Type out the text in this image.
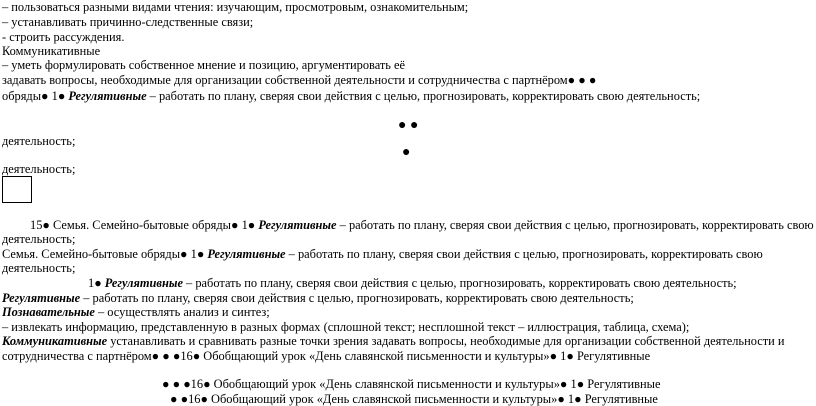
– пользоваться разными видами чтения: изучающим, просмотровым, ознакомительным;
– устанавливать причинно-следственные связи;
- строить рассуждения.
Коммуникативные
– уметь формулировать собственное мнение и позицию, аргументировать её
задавать вопросы, необходимые для организации собственной деятельности и сотрудничества с партнёром● ● ●
обряды● 1● Регулятивные – работать по плану, сверяя свои действия с целью, прогнозировать, корректировать свою деятельность;
● ●
деятельность;
●
деятельность;
15● Семья. Семейно-бытовые обряды● 1● Регулятивные – работать по плану, сверяя свои действия с целью, прогнозировать, корректировать свою
деятельность;
Семья. Семейно-бытовые обряды● 1● Регулятивные – работать по плану, сверяя свои действия с целью, прогнозировать, корректировать свою
деятельность;
1● Регулятивные – работать по плану, сверяя свои действия с целью, прогнозировать, корректировать свою деятельность;
Регулятивные – работать по плану, сверяя свои действия с целью, прогнозировать, корректировать свою деятельность;
Познавательные – осуществлять анализ и синтез;
– извлекать информацию, представленную в разных формах (сплошной текст; несплошной текст – иллюстрация, таблица, схема);
Коммуникативные устанавливать и сравнивать разные точки зрения задавать вопросы, необходимые для организации собственной деятельности и
сотрудничества с партнёром● ● ●16● Обобщающий урок «День славянской письменности и культуры»● 1● Регулятивные
● ● ●16● Обобщающий урок «День славянской письменности и культуры»● 1● Регулятивные
● ●16● Обобщающий урок «День славянской письменности и культуры»● 1● Регулятивные
